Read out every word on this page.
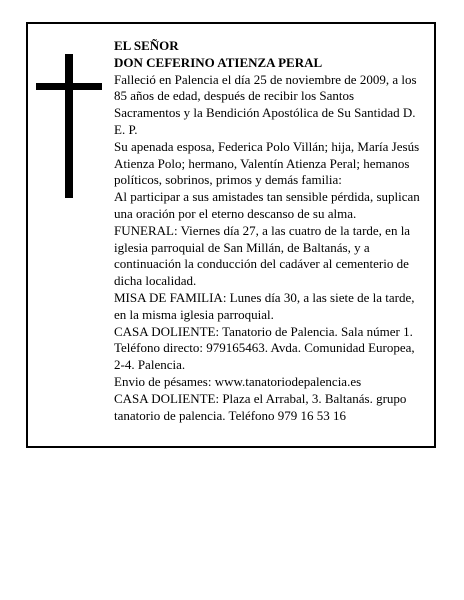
EL SEÑOR
DON CEFERINO ATIENZA PERAL

Falleció en Palencia el día 25 de noviembre de 2009, a los 85 años de edad, después de recibir los Santos Sacramentos y la Bendición Apostólica de Su Santidad D. E. P.

Su apenada esposa, Federica Polo Villán; hija, María Jesús Atienza Polo; hermano, Valentín Atienza Peral; hemanos políticos, sobrinos, primos y demás familia:

Al participar a sus amistades tan sensible pérdida, suplican una oración por el eterno descanso de su alma.

FUNERAL: Viernes día 27, a las cuatro de la tarde, en la iglesia parroquial de San Millán, de Baltanás, y a continuación la conducción del cadáver al cementerio de dicha localidad.

MISA DE FAMILIA: Lunes día 30, a las siete de la tarde, en la misma iglesia parroquial.

CASA DOLIENTE: Tanatorio de Palencia. Sala númer 1. Teléfono directo: 979165463. Avda. Comunidad Europea, 2-4. Palencia.

Envio de pésames: www.tanatoriodepalencia.es

CASA DOLIENTE: Plaza el Arrabal, 3. Baltanás. grupo tanatorio de palencia. Teléfono 979 16 53 16
